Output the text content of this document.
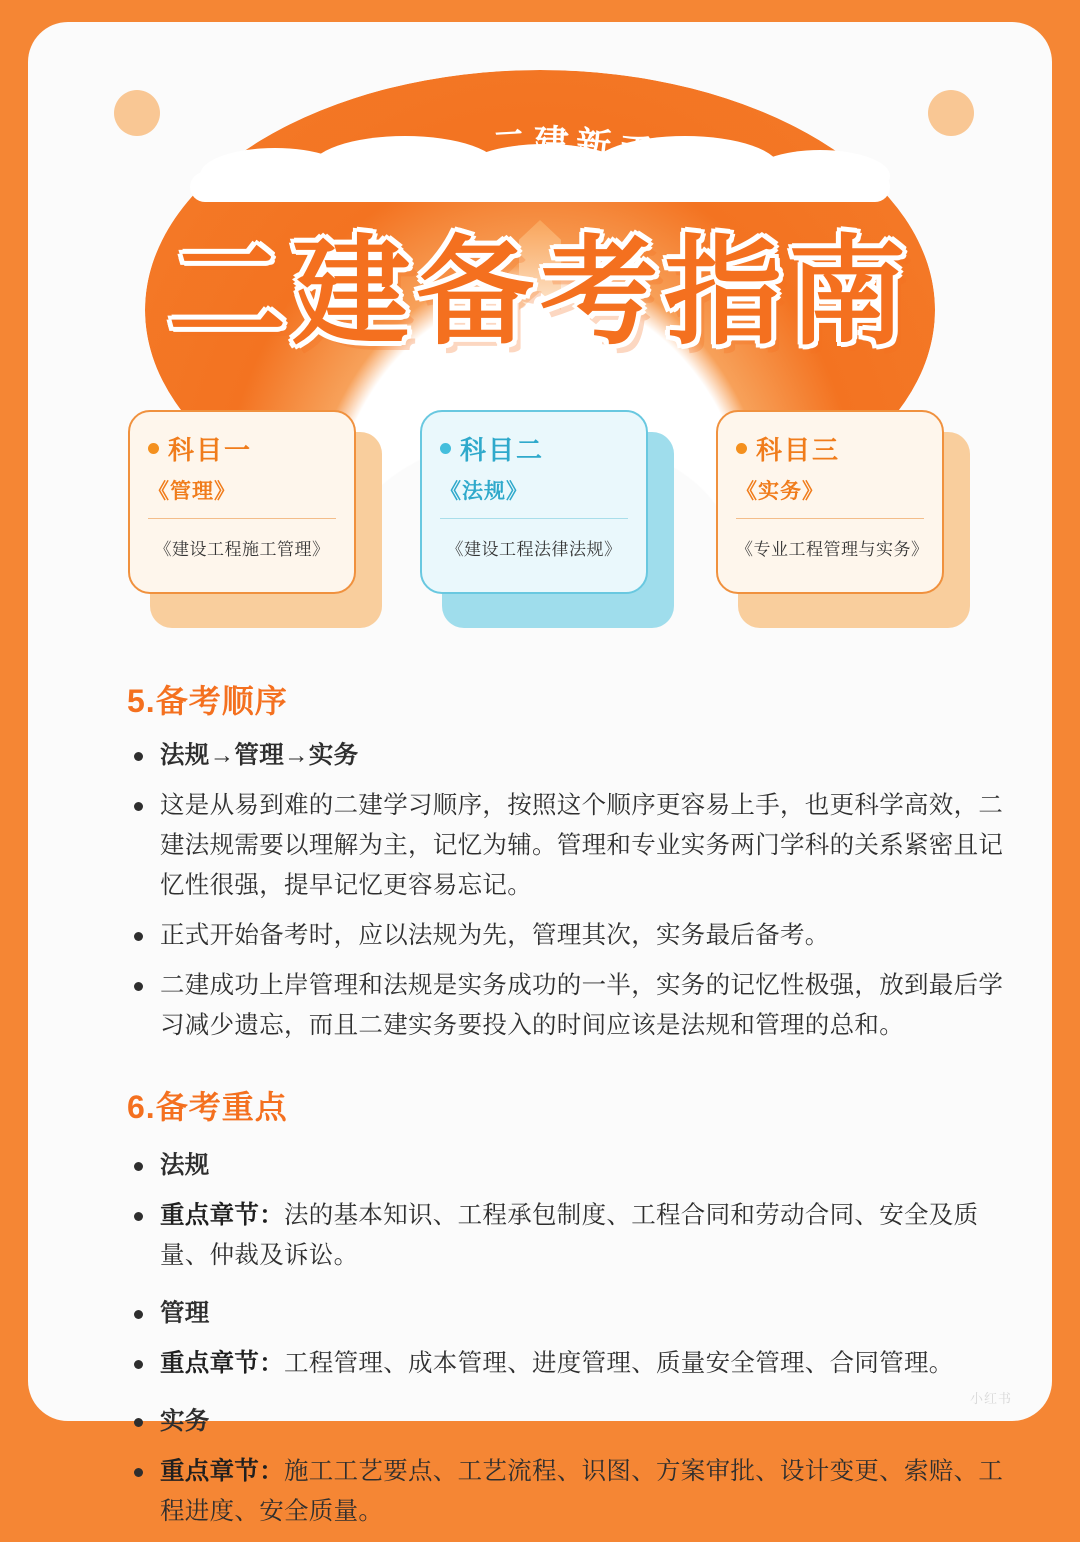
2026 · 二建新手必看
二建备考指南
科目一
《管理》
《建设工程施工管理》
科目二
《法规》
《建设工程法律法规》
科目三
《实务》
《专业工程管理与实务》
5.备考顺序
法规→管理→实务
这是从易到难的二建学习顺序，按照这个顺序更容易上手，也更科学高效，二建法规需要以理解为主，记忆为辅。管理和专业实务两门学科的关系紧密且记忆性很强，提早记忆更容易忘记。
正式开始备考时，应以法规为先，管理其次，实务最后备考。
二建成功上岸管理和法规是实务成功的一半，实务的记忆性极强，放到最后学习减少遗忘，而且二建实务要投入的时间应该是法规和管理的总和。
6.备考重点
法规
重点章节：法的基本知识、工程承包制度、工程合同和劳动合同、安全及质量、仲裁及诉讼。
管理
重点章节：工程管理、成本管理、进度管理、质量安全管理、合同管理。
实务
重点章节：施工工艺要点、工艺流程、识图、方案审批、设计变更、索赔、工程进度、安全质量。
小红书
